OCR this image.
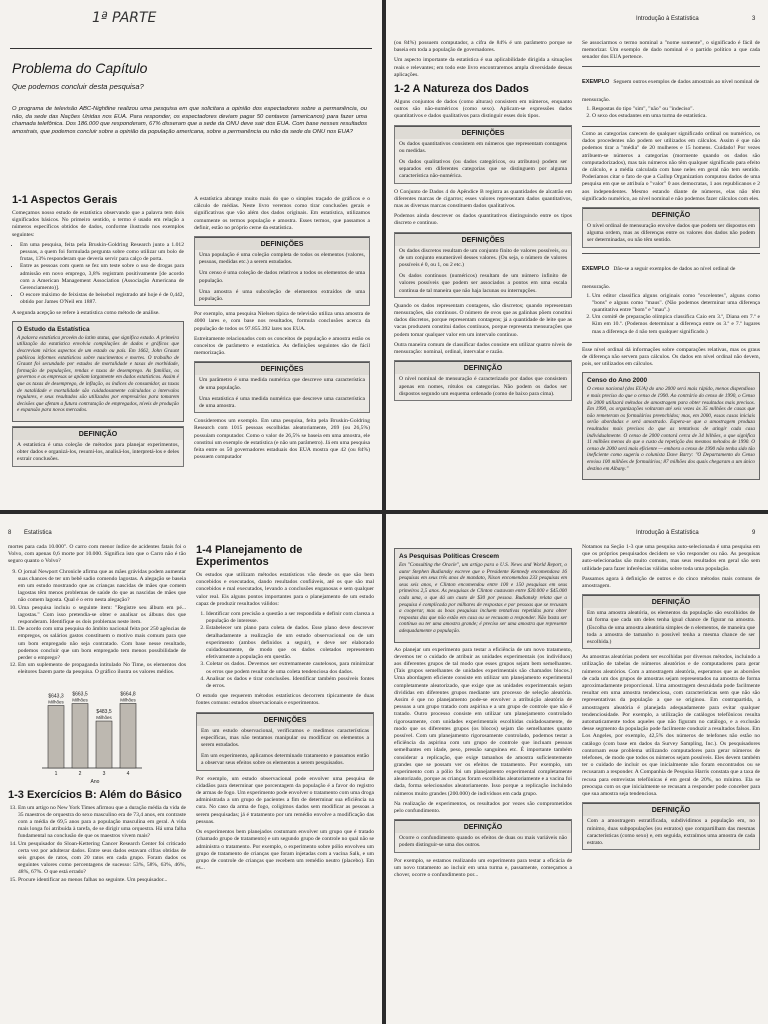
1ª PARTE
Problema do Capítulo
Que podemos concluir desta pesquisa?

O programa de televisão ABC-Nightline realizou uma pesquisa em que solicitara a opinião dos espectadores sobre a permanência, ou não, da sede das Nações Unidas nos EUA. Para responder, os espectadores deviam pagar 50 centavos (americanos) para fazer uma chamada telefônica. Dos 186.000 que responderam, 67% disseram que a sede da ONU deve sair dos EUA. Com base nesses resultados amostrais, que podemos concluir sobre a opinião da população americana, sobre a permanência ou não da sede da ONU nos EUA?

1-1 Aspectos Gerais

Começamos nosso estudo de estatística observando que a palavra tem dois significados básicos. No primeiro sentido, o termo é usado em relação a números específicos obtidos de dados, conforme ilustrado nos exemplos seguintes:

• Em uma pesquisa, feita pela Bruskin-Goldring Research junto a 1.012 pessoas, a quem foi formulada pergunta sobre como utilizar um bolo de frutas, 13% responderam que deveria servir para calço de porta.
• Entre as pessoas com quem se fez um teste sobre o uso de drogas para admissão em novo emprego, 3,8% registram positivamente [de acordo com a American Management Association (Associação Americana de Gerenciamento)].
• O escore máximo de feixistas de beisebol registrado até hoje é de 0,442, obtido por James O'Neil em 1887.

A segunda acepção se refere à estatística como método de análise.

O Estudo da Estatística

A palavra estatística provém do latim status, que significa estado. A primeira utilização da estatística envolvia compilações de dados e gráficos que descreviam vários aspectos de um estado ou país. Em 1662, John Graunt publicou informes estatísticos sobre nascimentos e mortes. O trabalho de Graunt foi secundado por estudos de mortalidade e taxas de morbidade, formação de populações, rendas e taxas de desemprego. As famílias, os governos e as empresas se apóiam largamente em dados estatísticos. Assim é que as taxas de desemprego, de inflação, os índices do consumidor, as taxas de natalidade e mortalidade são cuidadosamente calculados a intervalos regulares, e seus resultados são utilizados por empresários para tomarem decisões que afetam a futura contratação de empregados, níveis de produção e expansão para novos mercados.

DEFINIÇÃO

A estatística é uma coleção de métodos para planejar experimentos, obter dados e organizá-los, resumi-los, analisá-los, interpretá-los e deles extrair conclusões.

A estatística abrange muito mais do que o simples traçado de gráficos e o cálculo de médias. Neste livro veremos como tirar conclusões gerais e significativas que vão além dos dados originais. Em estatística, utilizamos comumente os termos população e amostra. Esses termos, que passamos a definir, estão no próprio cerne da estatística.

DEFINIÇÕES

Uma população é uma coleção completa de todos os elementos (valores, pessoas, medidas etc.) a serem estudados.

Um censo é uma coleção de dados relativos a todos os elementos de uma população.

Uma amostra é uma subcoleção de elementos extraídos de uma população.

Por exemplo, uma pesquisa Nielsen típica de televisão utiliza uma amostra de 4000 lares e, com base nos resultados, formula conclusões acerca da população de todos os 97.855.392 lares nos EUA.

Estreitamente relacionados com os conceitos de população e amostra estão os conceitos de parâmetro e estatística. As definições seguintes são de fácil memorização.

DEFINIÇÕES

Um parâmetro é uma medida numérica que descreve uma característica de uma população.

Uma estatística é uma medida numérica que descreve uma característica de uma amostra.

Consideremos um exemplo. Em uma pesquisa, feita pela Bruskin-Goldring Research com 1015 pessoas escolhidas aleatoriamente, 269 (ou 26,5%) possuíam computador. Como o valor de 26,5% se baseia em uma amostra, ele constitui um exemplo de estatística (e não um parâmetro). Já em uma pesquisa feita entre os 50 governadores estaduais dos EUA mostra que 42 (ou 84%) possuem computador

Introdução à Estatística	3

(ou 84%) possuem computador, a cifra de 84% é um parâmetro porque se baseia em toda a população de governadores.

Um aspecto importante da estatística é sua aplicabilidade dirigida a situações reais e relevantes; em todo este livro encontraremos ampla diversidade dessas aplicações.

1-2 A Natureza dos Dados

Alguns conjuntos de dados (como alturas) consistem em números, enquanto outros são não-numéricos (como sexo). Aplicam-se expressões dados quantitativos e dados qualitativos para distinguir esses dois tipos.

DEFINIÇÕES

Os dados quantitativos consistem em números que representam contagens ou medidas.

Os dados qualitativos (ou dados categóricos, ou atributos) podem ser separados em diferentes categorias que se distinguem por alguma característica não-numérica.

O Conjunto de Dados 4 do Apêndice B registra as quantidades de alcatrão em diferentes marcas de cigarros; esses valores representam dados quantitativos, mas as diversas marcas constituem dados qualitativos.

Podemos ainda descrever os dados quantitativos distinguindo entre os tipos discreto e contínuo.

DEFINIÇÕES

Os dados discretos resultam de um conjunto finito de valores possíveis, ou de um conjunto enumerável desses valores. (Ou seja, o número de valores possíveis é 0, ou 1, ou 2 etc.)

Os dados contínuos (numéricos) resultam de um número infinito de valores possíveis que podem ser associados a pontos em uma escala contínua de tal maneira que não haja lacunas ou interrupções.

Quando os dados representam contagens, são discretos; quando representam mensurações, são contínuos. O número de ovos que as galinhas põem constitui dados discretos, porque representam contagens; já a quantidade de leite que as vacas produzem constitui dados contínuos, porque representa mensurações que podem tomar qualquer valor em um intervalo contínuo.

Outra maneira comum de classificar dados consiste em utilizar quatro níveis de mensuração: nominal, ordinal, intervalar e razão.

DEFINIÇÃO

O nível nominal de mensuração é caracterizado por dados que consistem apenas em nomes, rótulos ou categorias. Não podem os dados ser dispostos segundo um esquema ordenado (como de baixo para cima).

Se associarmos o termo nominal a "nome somente", o significado é fácil de memorizar. Um exemplo de dado nominal é o partido político a que cada senador dos EUA pertence.

EXEMPLO Seguem outros exemplos de dados amostrais ao nível nominal de mensuração.
1. Respostas do tipo "sim", "não" ou "indeciso".
2. O sexo dos estudantes em uma turma de estatística.

Como as categorias carecem de qualquer significado ordinal ou numérico, os dados procedentes não podem ser utilizados em cálculos. Assim é que não podemos tirar a "média" de 20 mulheres e 15 homens. Cuidado! Por vezes atribuem-se números a categorias (mormente quando os dados são computadorizados), mas tais números não têm qualquer significado para efeito de cálculo, e a média calculada com base neles em geral não tem sentido. Poderíamos citar o fato de que a Gallup Organization computou dados de uma pesquisa em que se atribuía o "valor" 0 aos democratas, 1 aos republicanos e 2 aos independentes. Mesmo estando diante de números, elas não têm significado numérico, ao nível nominal e não podemos fazer cálculos com eles.

DEFINIÇÃO

O nível ordinal de mensuração envolve dados que podem ser dispostos em alguma ordem, mas as diferenças entre os valores dos dados não podem ser determinadas, ou não têm sentido.

EXEMPLO Dão-se a seguir exemplos de dados ao nível ordinal de mensuração.
1. Um editor classifica alguns originais como "excelentes", alguns como "bons" e alguns como "maus". (Não podemos determinar uma diferença quantitativa entre "bom" e "mau".)
2. Um comitê de preparação olímpica classifica Caio em 3.º, Diana em 7.º e Kim em 10.º. (Podemos determinar a diferença entre os 3.º e 7.º lugares mas a diferença de 4 não tem qualquer significado.)

Esse nível ordinal dá informações sobre comparações relativas, mas os graus de diferença não servem para cálculos. Os dados em nível ordinal não devem, pois, ser utilizados em cálculos.

Censo do Ano 2000

O censo nacional (dos EUA) do ano 2000 será mais rápido, menos dispendioso e mais preciso do que o censo de 1990. Ao contrário do censo de 1990, o Censo do 2000 utilizará métodos de amostragem para obter resultados mais precisos. Em 1990, as organizações voltaram até seis vezes às 35 milhões de casas que não remeteram os formulários preenchidos; mas, em 2000, essas casas iniciais serão abordadas e será amostrado. Espera-se que a amostragem produza resultados mais precisos do que as tentativas de atingir cada casa individualmente. O censo de 2000 contará cerca de 34 bilhões, o que significa 11 milhões menos do que o custo da repetição dos mesmos métodos de 1990. O censo de 2000 será mais eficiente — embora o censo de 1990 não tenha sido tão ineficiente como sugeriu o colunista Dave Barry: "O Departamento do Censo enviou 100 milhões de formulários; 87 milhões dos quais chegaram a um único destino em Albany."

8 Estatística

mortes para cada 10.000". O carro com menor índice de acidentes fatais foi o Volvo, com apenas 0,6 morte por 10.000. Significa isto que o Carro não é tão seguro quanto o Volvo?

9. O jornal Newport Chronicle afirma que as mães grávidas podem aumentar suas chances de ter um bebê sadio comendo lagostas. A alegação se baseia em um estudo mostrando que as crianças nascidas de mães que comem lagostas têm menos problemas de saúde do que as nascidas de mães que não comem lagosta. Qual é o erro nesta alegação?
10. Uma pesquisa incluiu o seguinte item: "Registre seu álbum em pé... lagostas." Com isso pretendia-se obter e analisar os álbuns dos que responderam. Identifique os dois problemas neste item.
11. De acordo com uma pesquisa do âmbito nacional feita por 250 agências de empregos, os salários gastos constituem o motivo mais comum para que um bom empregado não seja contratado. Com base nesse resultado, podemos concluir que um bom empregado tem menos possibilidade de perder o emprego?
12. Em um suplemento de propaganda intitulado No Time, os elementos dos eleitores fazem parte da pesquisa. O gráfico ilustra os valores médios.
$643,3
Milhões
1
$663,5
Milhões
2
$483,5
Milhões
3
$664,8
Milhões
4
Ano
1-3 Exercícios B: Além do Básico
13. Em um artigo no New York Times afirmou que a duração média da vida de 35 maestros de orquestra do sexo masculino era de 73,4 anos, em contraste com a média de 69,5 anos para a população masculina em geral. A vida mais longa foi atribuída à tarefa, de se dirigir uma orquestra. Há uma falha fundamental na conclusão de que os maestros vivem mais?
14. Um pesquisador do Sloan-Kettering Cancer Research Center foi criticado certa vez por adulterar dados. Entre seus dados estavam cifras obtidas de seis grupos de ratos, com 20 ratos em cada grupo. Foram dados os seguintes valores como percentagens de sucesso: 53%, 58%, 63%, 46%, 48%, 67%. O que está errado?
15. Procure identificar ao menos falhas no seguinte. Um pesquisador...
1-4 Planejamento de Experimentos

Os estudos que utilizam métodos estatísticos vão desde os que são bem concebidos e executados, dando resultados confiáveis, até os que são mal concebidos e mal executados, levando a conclusões enganosas e sem qualquer valor real. Eis alguns pontos importantes para o planejamento de um estudo capaz de produzir resultados válidos:

1. Identificar com precisão a questão a ser respondida e definir com clareza a população de interesse.
2. Estabelecer um plano para coleta de dados. Esse plano deve descrever detalhadamente a realização de um estudo observacional ou de um experimento (ambos definidos a seguir), e deve ser elaborado cuidadosamente, de modo que os dados coletados representem efetivamente a população em questão.
3. Coletar os dados. Devemos ser extremamente cautelosos, para minimizar os erros que podem resultar de uma coleta tendenciosa dos dados.
4. Analisar os dados e tirar conclusões. Identificar também possíveis fontes de erros.

O estudo que requerem métodos estatísticos decorrem tipicamente de duas fontes comuns: estudos observacionais e experimentos.

DEFINIÇÕES

Em um estudo observacional, verificamos e medimos características específicas, mas não tentamos manipular ou modificar os elementos a serem estudados.

Em um experimento, aplicamos determinado tratamento e passamos então a observar seus efeitos sobre os elementos a serem pesquisados.

Por exemplo, um estudo observacional pode envolver uma pesquisa de cidadãos para determinar que porcentagem da população é a favor do registro de armas de fogo. Um experimento pode envolver o tratamento com uma droga administrada a um grupo de pacientes a fim de determinar sua eficiência na cura. No caso da arma de fogo, coligimos dados sem modificar as pessoas a serem pesquisadas; já é tratamento por um remédio envolve a modificação das pessoas.

Os experimentos bem planejados costumam envolver um grupo que é tratado (chamado grupo de tratamento) e um segundo grupo de controle no qual não se administra o tratamento. Por exemplo, o experimento sobre pólio envolveu um grupo de tratamento de crianças que foram injetadas com a vacina Salk, e um grupo de controle de crianças que recebem um remédio neutro (placebo). Em es...

Introdução à Estatística	9
As Pesquisas Políticas Crescem

Em "Consulting the Oracle", um artigo para o U.S. News and World Report, o autor Stephen Budiansky escreve que o Presidente Kennedy encomendava 16 pesquisas em seus três anos de mandato, Nixon encomendou 233 pesquisas em seus seis anos, e Clinton encomendou entre 100 e 150 pesquisas em seus primeiros 2,5 anos. As pesquisas de Clinton custavam entre $30.000 e $45.000 cada uma, o que dá um custo de $30 por pessoa. Budiansky relata que a pesquisa é complicada por milhares de respostas e por pessoas que se recusam a cooperar, mas as boas pesquisas incluem tentativas repetidas para obter respostas das que não estão em casa ou se recusam a responder. Não basta ser contínuo ou ter uma amostra grande; é preciso ser uma amostra que represente adequadamente a população.

Ao planejar um experimento para testar a eficiência de um novo tratamento, devemos ter o cuidado de atribuir as unidades experimentais (os indivíduos) aos diferentes grupos de tal modo que esses grupos sejam bem semelhantes. (Tais grupos semelhantes de unidades experimentais são chamados blocos.) Uma abordagem eficiente consiste em utilizar um planejamento experimental completamente aleatorizado, que exige que as unidades experimentais sejam divididas em diferentes grupos mediante um processo de seleção aleatória. Assim é que no planejamento pode-se envolver a atribuição aleatória de pessoas a um grupo tratado com aspirina e a um grupo de controle que não é tratado. Outro processo consiste em utilizar um planejamento controlado rigorosamente, com unidades experimentais escolhidas cuidadosamente, de modo que os diferentes grupos (os blocos) sejam tão semelhantes quanto possível. Com um planejamento rigorosamente controlado, podemos testar a eficiência da aspirina com um grupo de controle que incluam pessoas semelhantes em idade, peso, pressão sanguínea etc. É importante também considerar a replicação, que exige tamanhos de amostra suficientemente grandes que se possam ver os efeitos de tratamento. Por exemplo, um experimento com a pólio foi um planejamento experimental completamente aleatorizado, porque as crianças foram escolhidas aleatoriamente e a vacina foi dada, forma selecionados aleatoriamente. Isso porque a replicação incluindo números muito grandes (200.000) de indivíduos em cada grupo.

Na realização de experimentos, os resultados por vezes são comprometidos pelo confundimento.

DEFINIÇÃO

Ocorre o confundimento quando os efeitos de duas ou mais variáveis não podem distinguir-se uma dos outros.

Por exemplo, se estamos realizando um experimento para testar a eficácia de um novo tratamento ao incluir em uma turma e, passamente, começamos a chover, ocorre o confundimento por...

Notamos na Seção 1-3 que uma pesquisa auto-selecionada é uma pesquisa em que os próprios pesquisados decidem se vão responder ou não. As pesquisas auto-selecionadas são muito comuns, mas seus resultados em geral são sem utilidade para fazer inferências válidas sobre toda uma população.

Passamos agora à definição de outros e do cinco métodos mais comuns de amostragem.

DEFINIÇÃO

Em uma amostra aleatória, os elementos da população são escolhidos de tal forma que cada um deles tenha igual chance de figurar na amostra. (Escolha de uma amostra aleatória simples de n elementos, de maneira que toda a amostra de tamanho n possível tenha a mesma chance de ser escolhida.)

As amostras aleatórias podem ser escolhidas por diversos métodos, incluindo a utilização de tabelas de números aleatórios e de computadores para gerar números aleatórios. Com a amostragem aleatória, esperamos que as aborsões de cada um dos grupos de amostras sejam representados na amostra de forma aproximadamente proporcional. Uma amostragem descuidada pode facilmente resultar em uma amostra tendenciosa, com características sem que não são representativas da população a que se originou. Em contrapartida, a amostragem aleatória é planejada adequadamente para evitar qualquer tendenciosidade. Por exemplo, a utilização de catálogos telefônicos resulta automaticamente todos aqueles que não figuram no catálogo, e a exclusão desse segmento da população pode facilmente conduzir a resultados falsos. Em Los Angeles, por exemplo, 42,5% dos números de telefones não estão no catálogo (com base em dados da Survey Sampling, Inc.). Os pesquisadores contornam esse problema utilizando computadores para gerar números de telefones, de modo que todos os números sejam possíveis. Eles devem também ter o cuidado de incluir os que inicialmente não foram encontrados ou se recusaram a responder. A Companhia de Pesquisa Harris constata que a taxa de recusa para entrevistas telefônicas é em geral de 20%, no mínimo. Ela se preocupa com os que inicialmente se recusam a responder pode conceber para que sua amostra seja tendenciosa.

DEFINIÇÃO

Com a amostragem estratificada, subdividimos a população em, no mínimo, duas subpopulações (ou estratos) que compartilham das mesmas características (como sexo) e, em seguida, extraímos uma amostra de cada estrato.
